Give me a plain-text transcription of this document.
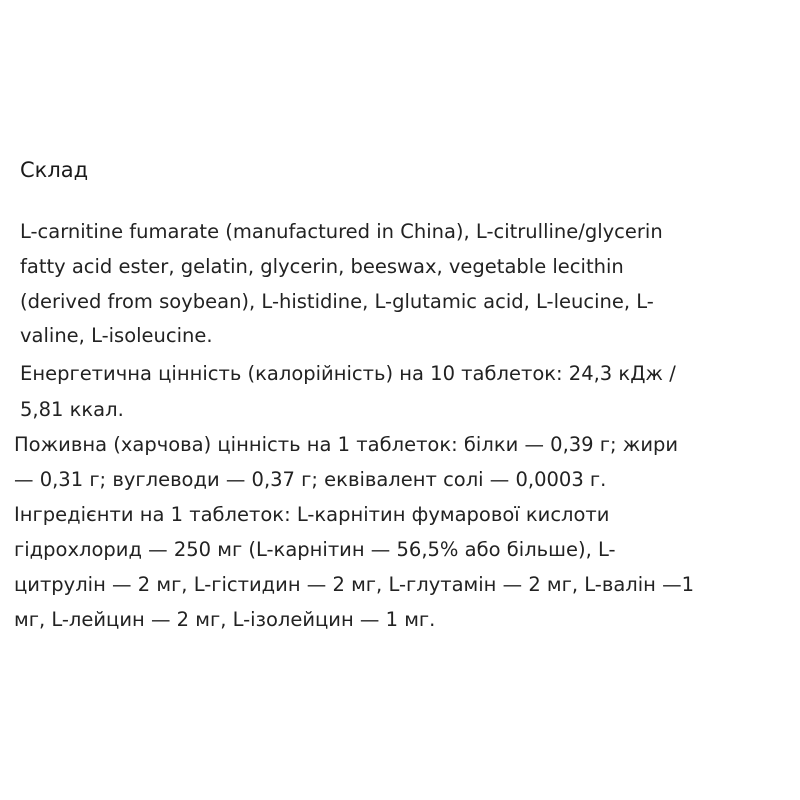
Склад
L-carnitine fumarate (manufactured in China), L-citrulline/glycerin
fatty acid ester, gelatin, glycerin, beeswax, vegetable lecithin
(derived from soybean), L-histidine, L-glutamic acid, L-leucine, L-
valine, L-isoleucine.
Енергетична цінність (калорійність) на 10 таблеток: 24,3 кДж /
5,81 ккал.
Поживна (харчова) цінність на 1 таблеток: білки — 0,39 г; жири
— 0,31 г; вуглеводи — 0,37 г; еквівалент солі — 0,0003 г.
Інгредієнти на 1 таблеток: L-карнітин фумарової кислоти
гідрохлорид — 250 мг (L-карнітин — 56,5% або більше), L-
цитрулін — 2 мг, L-гістидин — 2 мг, L-глутамін — 2 мг, L-валін —1
мг, L-лейцин — 2 мг, L-ізолейцин — 1 мг.
